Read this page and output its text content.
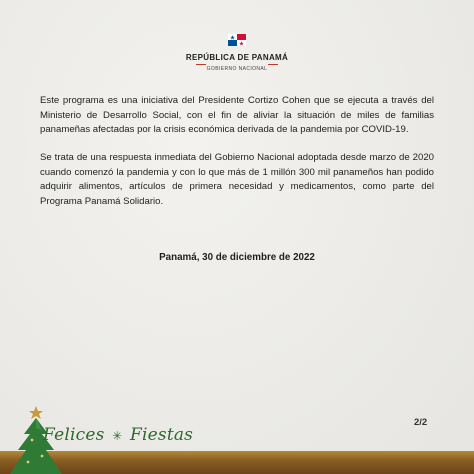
REPÚBLICA DE PANAMÁ
GOBIERNO NACIONAL

Este programa es una iniciativa del Presidente Cortizo Cohen que se ejecuta a través del Ministerio de Desarrollo Social, con el fin de aliviar la situación de miles de familias panameñas afectadas por la crisis económica derivada de la pandemia por COVID-19.

Se trata de una respuesta inmediata del Gobierno Nacional adoptada desde marzo de 2020 cuando comenzó la pandemia y con lo que más de 1 millón 300 mil panameños han podido adquirir alimentos, artículos de primera necesidad y medicamentos, como parte del Programa Panamá Solidario.

Panamá, 30 de diciembre de 2022
2/2
Felices ✳ Fiestas
